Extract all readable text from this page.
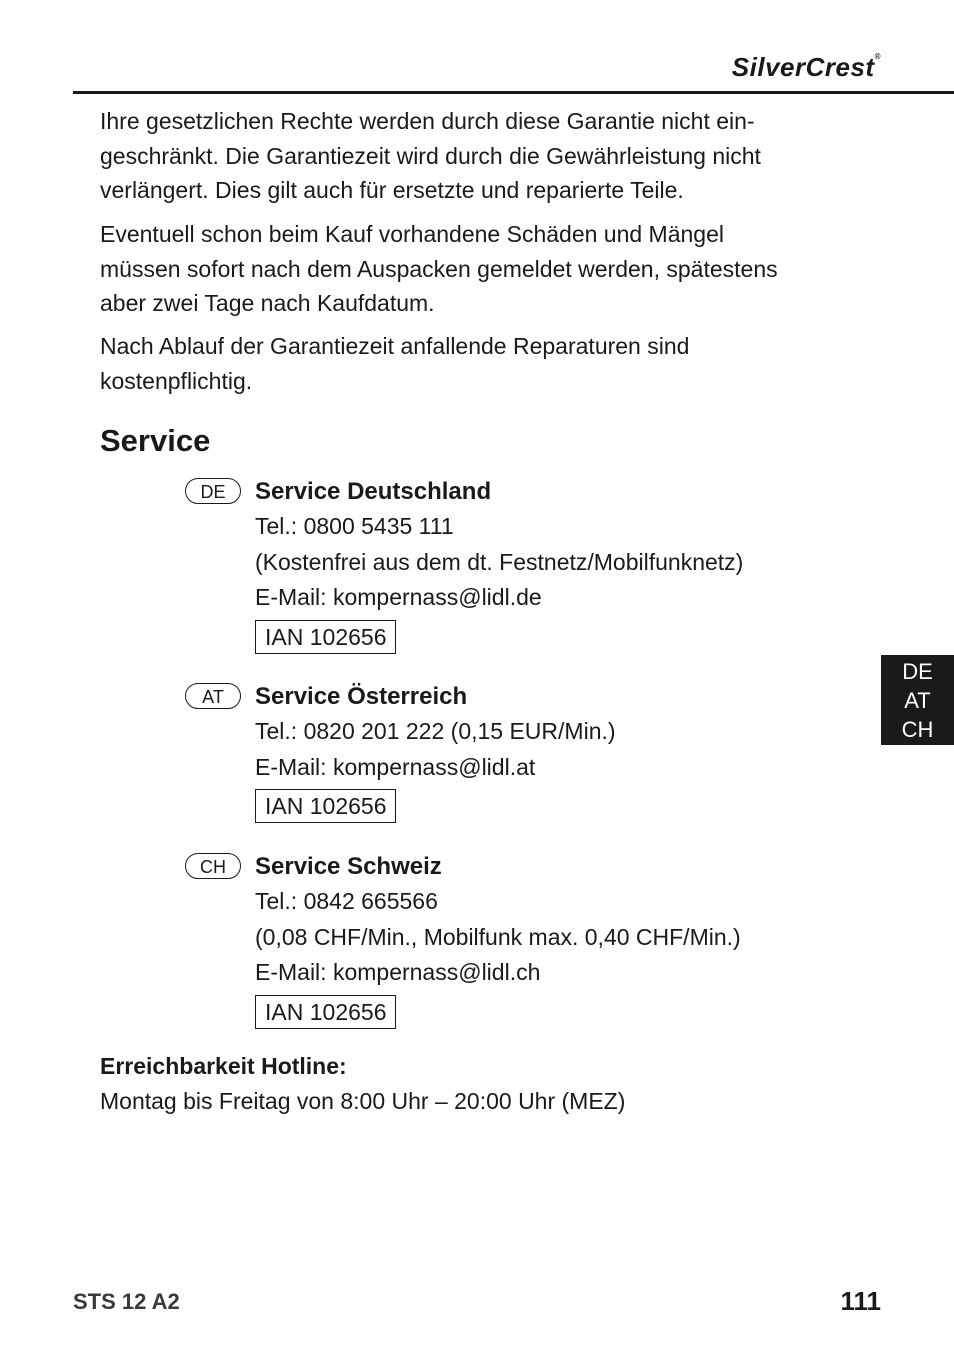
SilverCrest®

Ihre gesetzlichen Rechte werden durch diese Garantie nicht ein-
geschränkt. Die Garantiezeit wird durch die Gewährleistung nicht
verlängert. Dies gilt auch für ersetzte und reparierte Teile.

Eventuell schon beim Kauf vorhandene Schäden und Mängel
müssen sofort nach dem Auspacken gemeldet werden, spätestens
aber zwei Tage nach Kaufdatum.

Nach Ablauf der Garantiezeit anfallende Reparaturen sind
kostenpflichtig.

Service
DE	Service Deutschland
Tel.: 0800 5435 111
(Kostenfrei aus dem dt. Festnetz/Mobilfunknetz)
E-Mail: kompernass@lidl.de
IAN 102656
AT	Service Österreich
Tel.: 0820 201 222 (0,15 EUR/Min.)
E-Mail: kompernass@lidl.at
IAN 102656
CH	Service Schweiz
Tel.: 0842 665566
(0,08 CHF/Min., Mobilfunk max. 0,40 CHF/Min.)
E-Mail: kompernass@lidl.ch
IAN 102656
Erreichbarkeit Hotline:
Montag bis Freitag von 8:00 Uhr – 20:00 Uhr (MEZ)
DE
AT
CH
STS 12 A2	111
